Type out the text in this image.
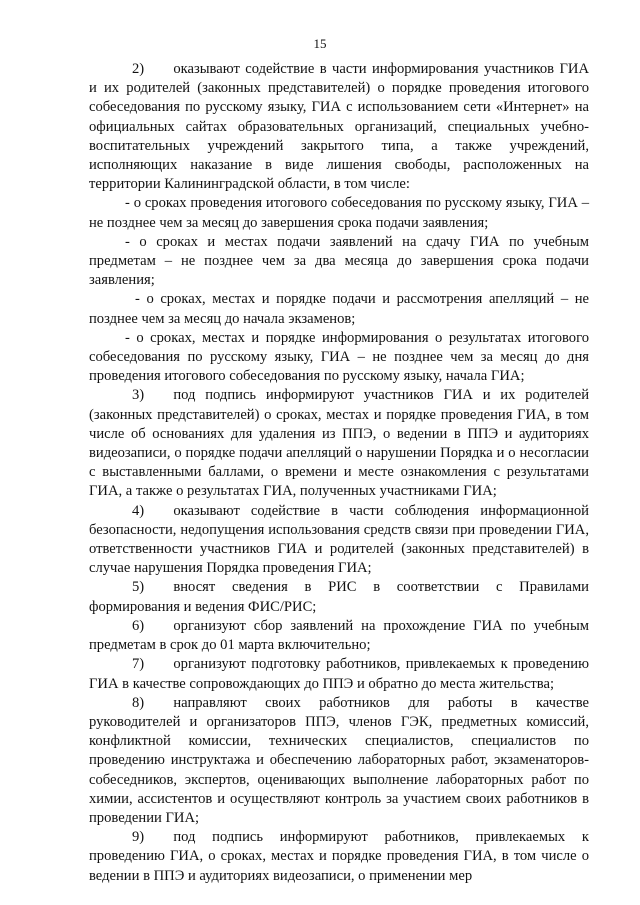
15

2)  оказывают содействие в части информирования участников ГИА и их родителей (законных представителей) о порядке проведения итогового собеседования по русскому языку, ГИА с использованием сети «Интернет» на официальных сайтах образовательных организаций, специальных учебно-воспитательных учреждений закрытого типа, а также учреждений, исполняющих наказание в виде лишения свободы, расположенных на территории Калининградской области, в том числе:

- о сроках проведения итогового собеседования по русскому языку, ГИА – не позднее чем за месяц до завершения срока подачи заявления;

- о сроках и местах подачи заявлений на сдачу ГИА по учебным предметам – не позднее чем за два месяца до завершения срока подачи заявления;

- о сроках, местах и порядке подачи и рассмотрения апелляций – не позднее чем за месяц до начала экзаменов;

- о сроках, местах и порядке информирования о результатах итогового собеседования по русскому языку, ГИА – не позднее чем за месяц до дня проведения итогового собеседования по русскому языку, начала ГИА;

3)  под подпись информируют участников ГИА и их родителей (законных представителей) о сроках, местах и порядке проведения ГИА, в том числе об основаниях для удаления из ППЭ, о ведении в ППЭ и аудиториях видеозаписи, о порядке подачи апелляций о нарушении Порядка и о несогласии с выставленными баллами, о времени и месте ознакомления с результатами ГИА, а также о результатах ГИА, полученных участниками ГИА;

4)  оказывают содействие в части соблюдения информационной безопасности, недопущения использования средств связи при проведении ГИА, ответственности участников ГИА и родителей (законных представителей) в случае нарушения Порядка проведения ГИА;

5)  вносят сведения в РИС в соответствии с Правилами формирования и ведения ФИС/РИС;

6)  организуют сбор заявлений на прохождение ГИА по учебным предметам в срок до 01 марта включительно;

7)  организуют подготовку работников, привлекаемых к проведению ГИА в качестве сопровождающих до ППЭ и обратно до места жительства;

8)  направляют своих работников для работы в качестве руководителей и организаторов ППЭ, членов ГЭК, предметных комиссий, конфликтной комиссии, технических специалистов, специалистов по проведению инструктажа и обеспечению лабораторных работ, экзаменаторов-собеседников, экспертов, оценивающих выполнение лабораторных работ по химии, ассистентов и осуществляют контроль за участием своих работников в проведении ГИА;

9)  под подпись информируют работников, привлекаемых к проведению ГИА, о сроках, местах и порядке проведения ГИА, в том числе о ведении в ППЭ и аудиториях видеозаписи, о применении мер
